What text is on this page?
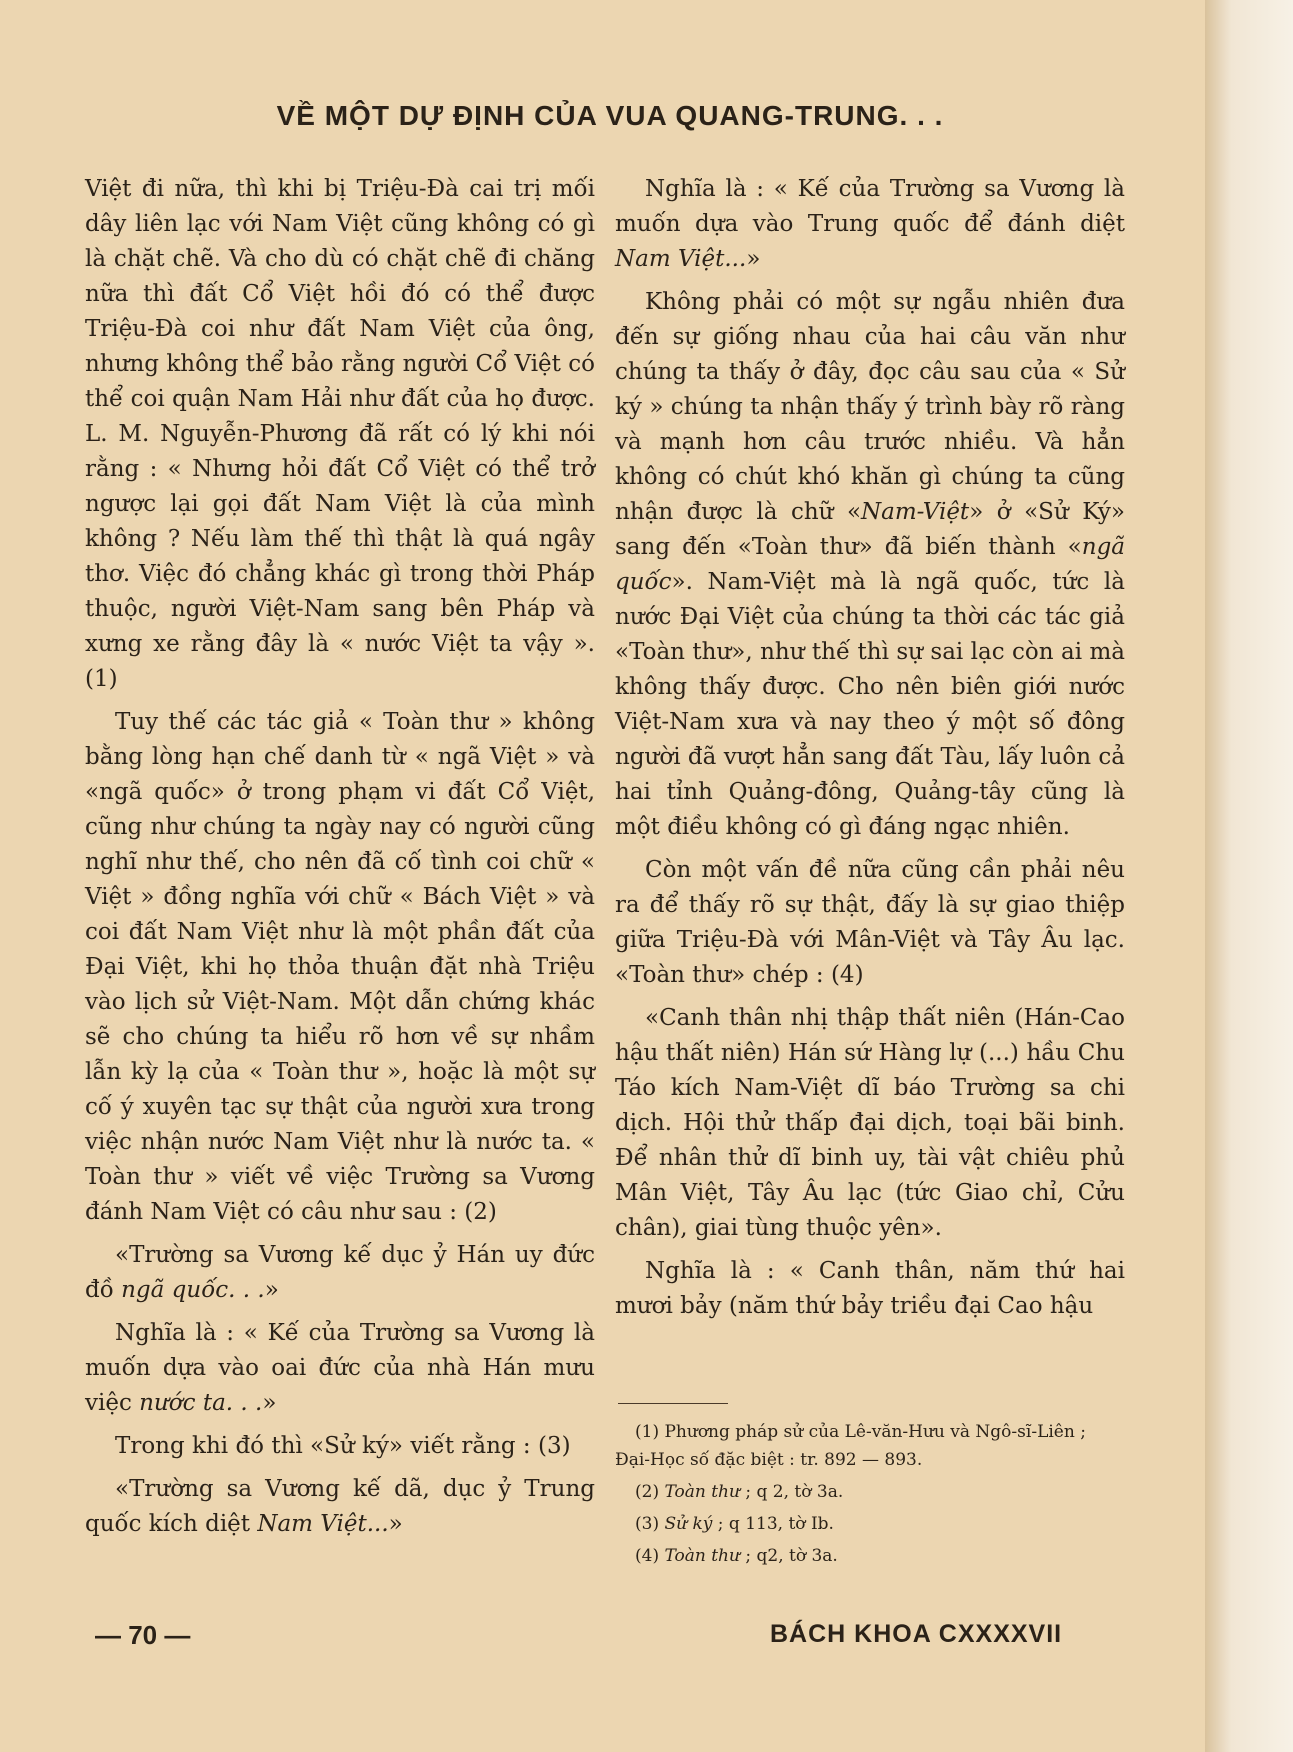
VỀ MỘT DỰ ĐỊNH CỦA VUA QUANG-TRUNG. . .

Việt đi nữa, thì khi bị Triệu-Đà cai trị mối dây liên lạc với Nam Việt cũng không có gì là chặt chẽ. Và cho dù có chặt chẽ đi chăng nữa thì đất Cổ Việt hồi đó có thể được Triệu-Đà coi như đất Nam Việt của ông, nhưng không thể bảo rằng người Cổ Việt có thể coi quận Nam Hải như đất của họ được. L. M. Nguyễn-Phương đã rất có lý khi nói rằng : « Nhưng hỏi đất Cổ Việt có thể trở ngược lại gọi đất Nam Việt là của mình không ? Nếu làm thế thì thật là quá ngây thơ. Việc đó chẳng khác gì trong thời Pháp thuộc, người Việt-Nam sang bên Pháp và xưng xe rằng đây là « nước Việt ta vậy ». (1)

Tuy thế các tác giả « Toàn thư » không bằng lòng hạn chế danh từ « ngã Việt » và «ngã quốc» ở trong phạm vi đất Cổ Việt, cũng như chúng ta ngày nay có người cũng nghĩ như thế, cho nên đã cố tình coi chữ « Việt » đồng nghĩa với chữ « Bách Việt » và coi đất Nam Việt như là một phần đất của Đại Việt, khi họ thỏa thuận đặt nhà Triệu vào lịch sử Việt-Nam. Một dẫn chứng khác sẽ cho chúng ta hiểu rõ hơn về sự nhầm lẫn kỳ lạ của « Toàn thư », hoặc là một sự cố ý xuyên tạc sự thật của người xưa trong việc nhận nước Nam Việt như là nước ta. « Toàn thư » viết về việc Trường sa Vương đánh Nam Việt có câu như sau : (2)

«Trường sa Vương kế dục ỷ Hán uy đức đồ ngã quốc. . .»

Nghĩa là : « Kế của Trường sa Vương là muốn dựa vào oai đức của nhà Hán mưu việc nước ta. . .»

Trong khi đó thì «Sử ký» viết rằng : (3)

«Trường sa Vương kế dã, dục ỷ Trung quốc kích diệt Nam Việt...»

Nghĩa là : « Kế của Trường sa Vương là muốn dựa vào Trung quốc để đánh diệt Nam Việt...»

Không phải có một sự ngẫu nhiên đưa đến sự giống nhau của hai câu văn như chúng ta thấy ở đây, đọc câu sau của « Sử ký » chúng ta nhận thấy ý trình bày rõ ràng và mạnh hơn câu trước nhiều. Và hẳn không có chút khó khăn gì chúng ta cũng nhận được là chữ «Nam-Việt» ở «Sử Ký» sang đến «Toàn thư» đã biến thành «ngã quốc». Nam-Việt mà là ngã quốc, tức là nước Đại Việt của chúng ta thời các tác giả «Toàn thư», như thế thì sự sai lạc còn ai mà không thấy được. Cho nên biên giới nước Việt-Nam xưa và nay theo ý một số đông người đã vượt hẳn sang đất Tàu, lấy luôn cả hai tỉnh Quảng-đông, Quảng-tây cũng là một điều không có gì đáng ngạc nhiên.

Còn một vấn đề nữa cũng cần phải nêu ra để thấy rõ sự thật, đấy là sự giao thiệp giữa Triệu-Đà với Mân-Việt và Tây Âu lạc. «Toàn thư» chép : (4)

«Canh thân nhị thập thất niên (Hán-Cao hậu thất niên) Hán sứ Hàng lự (...) hầu Chu Táo kích Nam-Việt dĩ báo Trường sa chi dịch. Hội thử thấp đại dịch, toại bãi binh. Để nhân thử dĩ binh uy, tài vật chiêu phủ Mân Việt, Tây Âu lạc (tức Giao chỉ, Cửu chân), giai tùng thuộc yên».

Nghĩa là : « Canh thân, năm thứ hai mươi bảy (năm thứ bảy triều đại Cao hậu

(1) Phương pháp sử của Lê-văn-Hưu và Ngô-sĩ-Liên ; Đại-Học số đặc biệt : tr. 892 — 893.

(2) Toàn thư ; q 2, tờ 3a.

(3) Sử ký ; q 113, tờ Ib.

(4) Toàn thư ; q2, tờ 3a.

— 70 —	BÁCH KHOA CXXXXVII
